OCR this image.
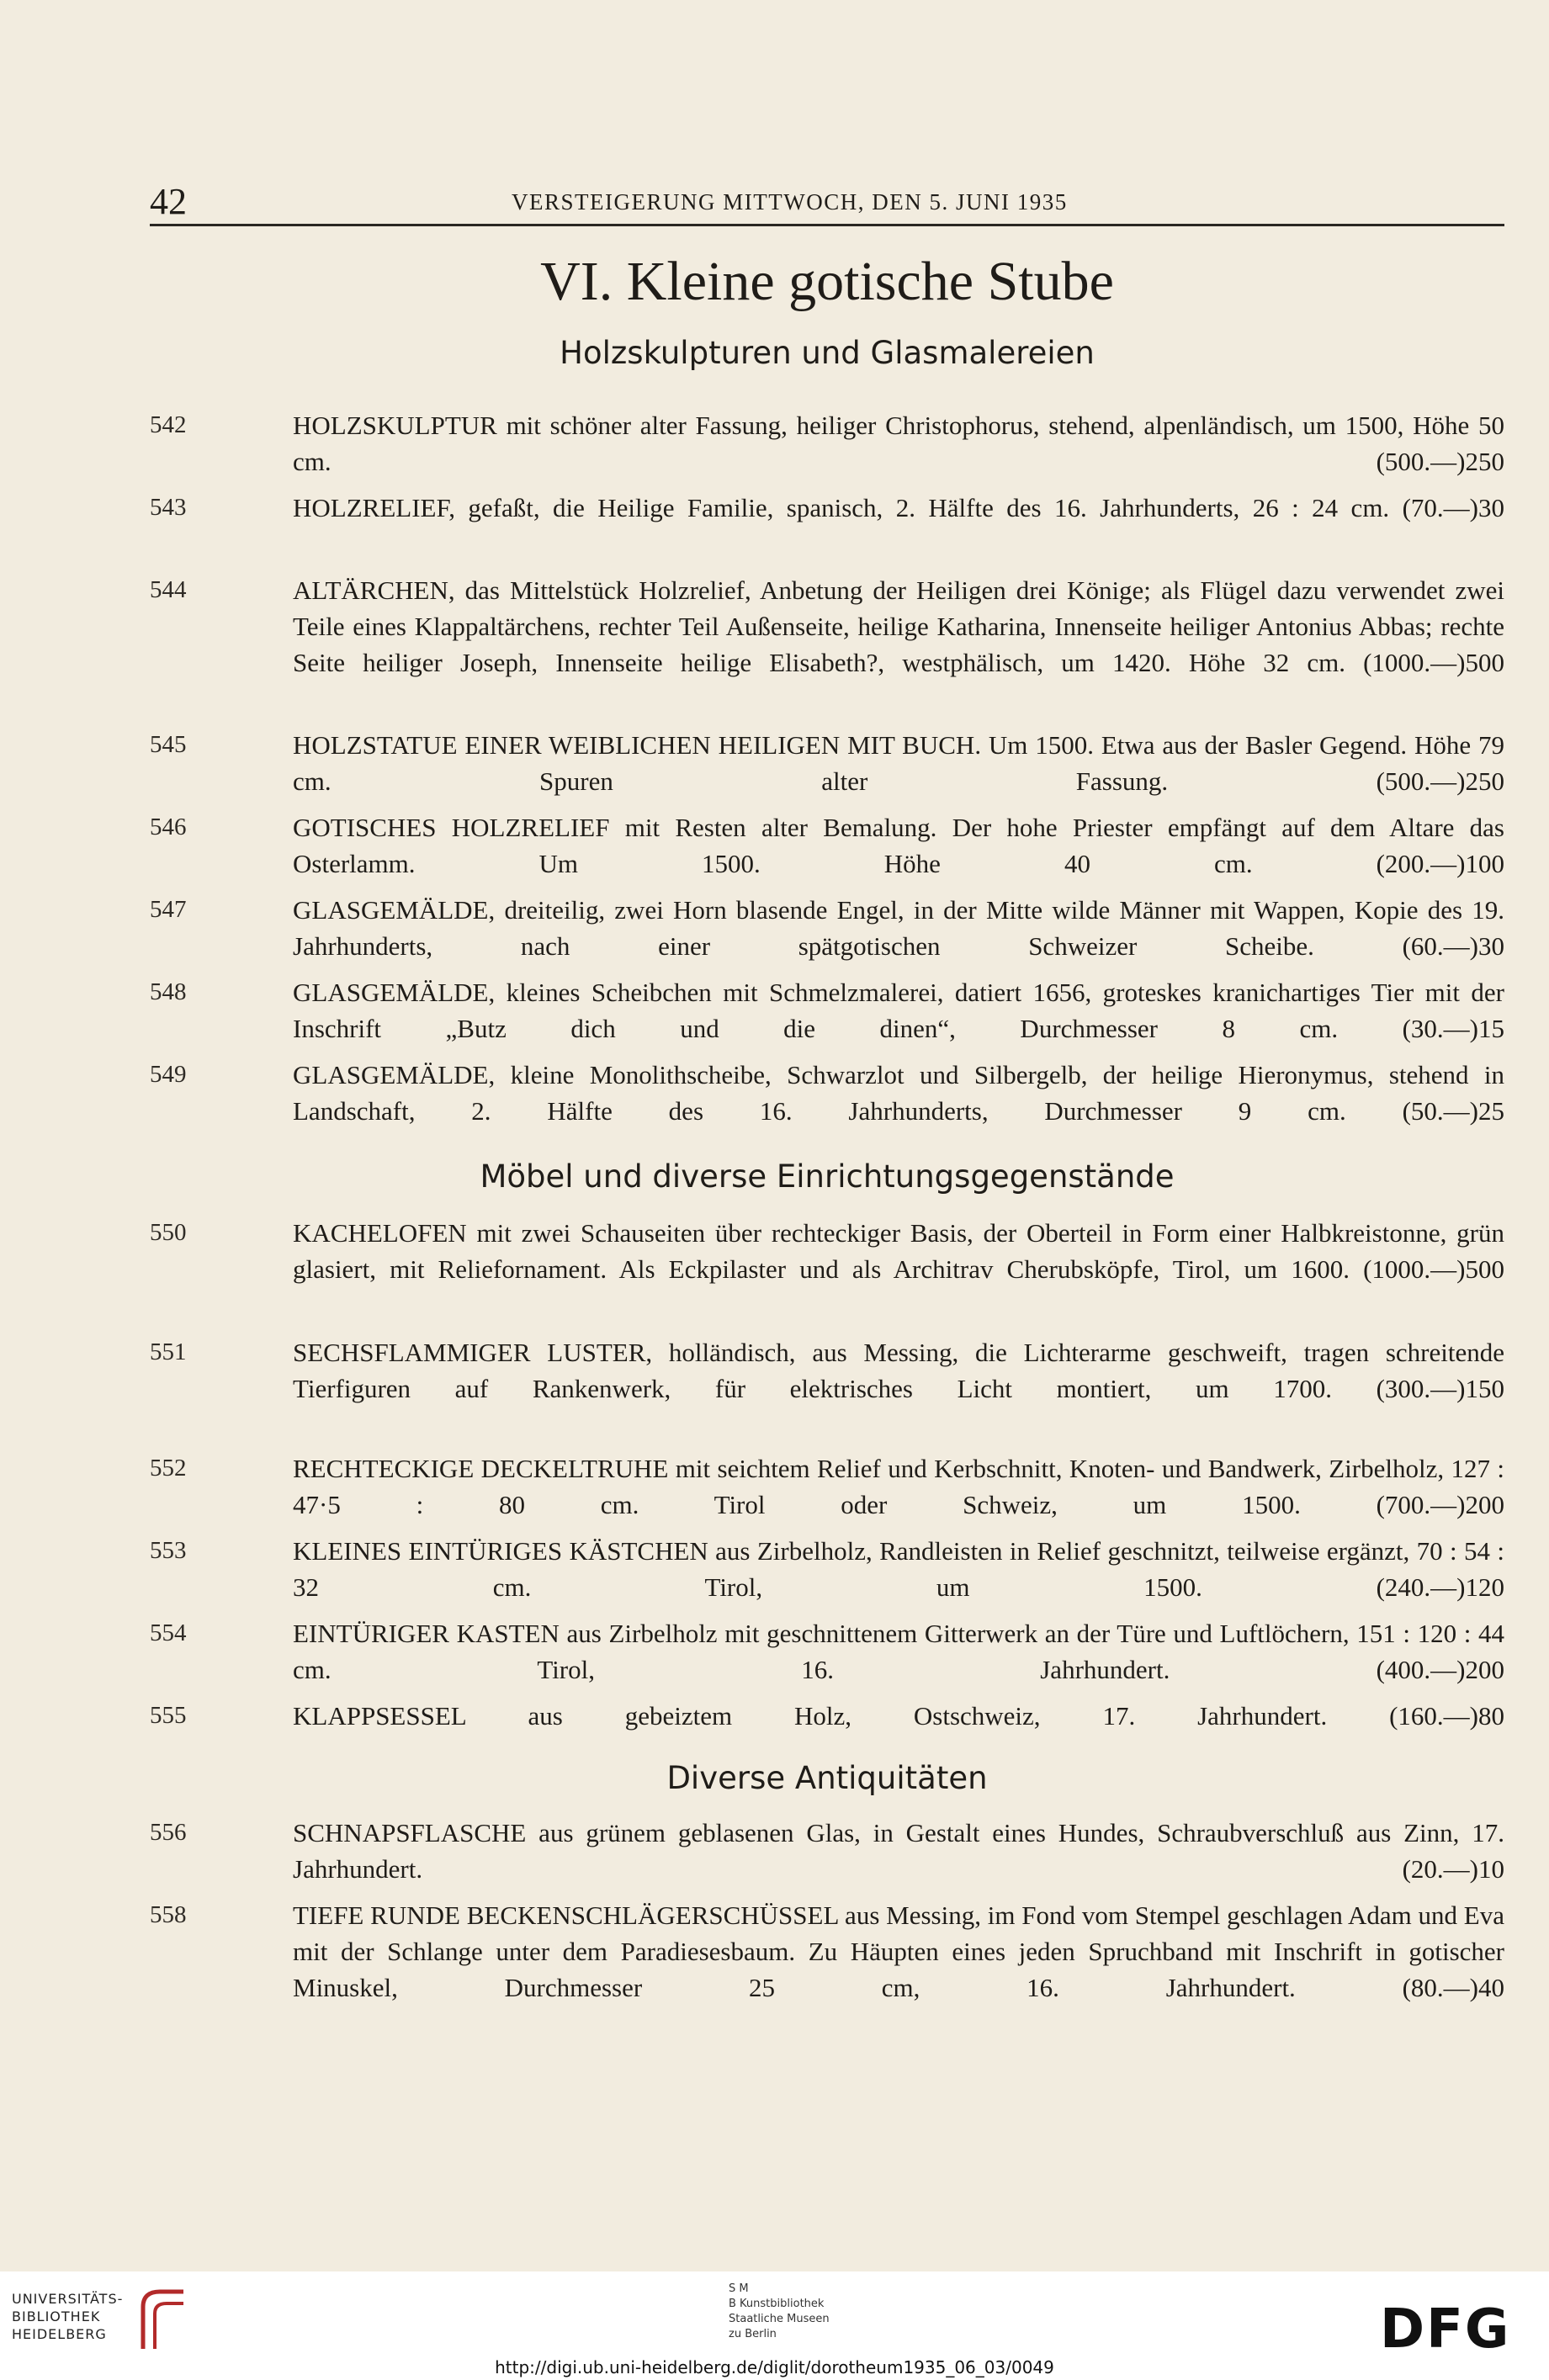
42	VERSTEIGERUNG MITTWOCH, DEN 5. JUNI 1935
VI. Kleine gotische Stube
Holzskulpturen und Glasmalereien
542	HOLZSKULPTUR mit schöner alter Fassung, heiliger Christophorus, stehend, alpenländisch, um 1500, Höhe 50 cm. (500.—) 250
543	HOLZRELIEF, gefaßt, die Heilige Familie, spanisch, 2. Hälfte des 16. Jahrhunderts, 26 : 24 cm. (70.—) 30
544	ALTÄRCHEN, das Mittelstück Holzrelief, Anbetung der Heiligen drei Könige; als Flügel dazu verwendet zwei Teile eines Klappaltärchens, rechter Teil Außenseite, heilige Katharina, Innenseite heiliger Antonius Abbas; rechte Seite heiliger Joseph, Innenseite heilige Elisabeth?, westphälisch, um 1420. Höhe 32 cm. (1000.—) 500
545	HOLZSTATUE EINER WEIBLICHEN HEILIGEN MIT BUCH. Um 1500. Etwa aus der Basler Gegend. Höhe 79 cm. Spuren alter Fassung. (500.—) 250
546	GOTISCHES HOLZRELIEF mit Resten alter Bemalung. Der hohe Priester empfängt auf dem Altare das Osterlamm. Um 1500. Höhe 40 cm. (200.—) 100
547	GLASGEMÄLDE, dreiteilig, zwei Horn blasende Engel, in der Mitte wilde Männer mit Wappen, Kopie des 19. Jahrhunderts, nach einer spätgotischen Schweizer Scheibe. (60.—) 30
548	GLASGEMÄLDE, kleines Scheibchen mit Schmelzmalerei, datiert 1656, groteskes kranichartiges Tier mit der Inschrift „Butz dich und die dinen“, Durchmesser 8 cm. (30.—) 15
549	GLASGEMÄLDE, kleine Monolithscheibe, Schwarzlot und Silbergelb, der heilige Hieronymus, stehend in Landschaft, 2. Hälfte des 16. Jahrhunderts, Durchmesser 9 cm. (50.—) 25
Möbel und diverse Einrichtungsgegenstände
550	KACHELOFEN mit zwei Schauseiten über rechteckiger Basis, der Oberteil in Form einer Halbkreistonne, grün glasiert, mit Reliefornament. Als Eckpilaster und als Architrav Cherubsköpfe, Tirol, um 1600. (1000.—) 500
551	SECHSFLAMMIGER LUSTER, holländisch, aus Messing, die Lichterarme geschweift, tragen schreitende Tierfiguren auf Rankenwerk, für elektrisches Licht montiert, um 1700. (300.—) 150
552	RECHTECKIGE DECKELTRUHE mit seichtem Relief und Kerbschnitt, Knoten- und Bandwerk, Zirbelholz, 127 : 47·5 : 80 cm. Tirol oder Schweiz, um 1500. (700.—) 200
553	KLEINES EINTÜRIGES KÄSTCHEN aus Zirbelholz, Randleisten in Relief geschnitzt, teilweise ergänzt, 70 : 54 : 32 cm. Tirol, um 1500. (240.—) 120
554	EINTÜRIGER KASTEN aus Zirbelholz mit geschnittenem Gitterwerk an der Türe und Luftlöchern, 151 : 120 : 44 cm. Tirol, 16. Jahrhundert. (400.—) 200
555	KLAPPSESSEL aus gebeiztem Holz, Ostschweiz, 17. Jahrhundert. (160.—) 80
Diverse Antiquitäten
556	SCHNAPSFLASCHE aus grünem geblasenen Glas, in Gestalt eines Hundes, Schraubverschluß aus Zinn, 17. Jahrhundert. (20.—) 10
558	TIEFE RUNDE BECKENSCHLÄGERSCHÜSSEL aus Messing, im Fond vom Stempel geschlagen Adam und Eva mit der Schlange unter dem Paradiesesbaum. Zu Häupten eines jeden Spruchband mit Inschrift in gotischer Minuskel, Durchmesser 25 cm, 16. Jahrhundert. (80.—) 40
UNIVERSITÄTS-
BIBLIOTHEK
HEIDELBERG
S M
B Kunstbibliothek
Staatliche Museen
zu Berlin	DFG
http://digi.ub.uni-heidelberg.de/diglit/dorotheum1935_06_03/0049
